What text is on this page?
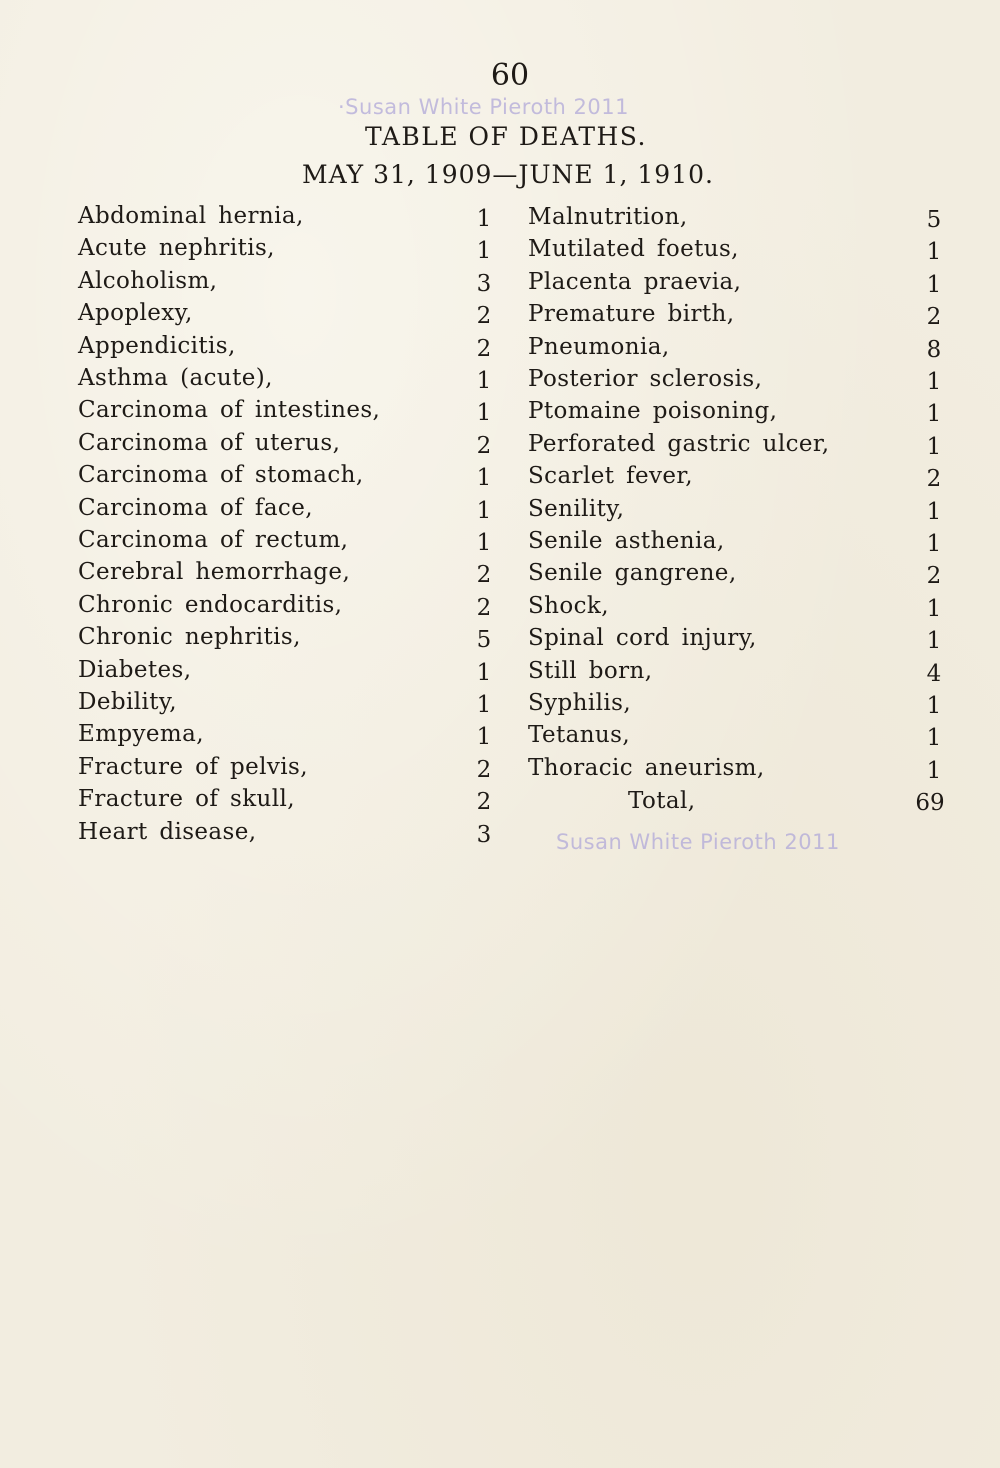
60
·Susan White Pieroth 2011
TABLE OF DEATHS.
MAY 31, 1909—JUNE 1, 1910.
Abdominal hernia,	1
Acute nephritis,	1
Alcoholism,	3
Apoplexy,	2
Appendicitis,	2
Asthma (acute),	1
Carcinoma of intestines,	1
Carcinoma of uterus,	2
Carcinoma of stomach,	1
Carcinoma of face,	1
Carcinoma of rectum,	1
Cerebral hemorrhage,	2
Chronic endocarditis,	2
Chronic nephritis,	5
Diabetes,	1
Debility,	1
Empyema,	1
Fracture of pelvis,	2
Fracture of skull,	2
Heart disease,	3
Malnutrition,	5
Mutilated foetus,	1
Placenta praevia,	1
Premature birth,	2
Pneumonia,	8
Posterior sclerosis,	1
Ptomaine poisoning,	1
Perforated gastric ulcer,	1
Scarlet fever,	2
Senility,	1
Senile asthenia,	1
Senile gangrene,	2
Shock,	1
Spinal cord injury,	1
Still born,	4
Syphilis,	1
Tetanus,	1
Thoracic aneurism,	1
Total,	69
Susan White Pieroth 2011
